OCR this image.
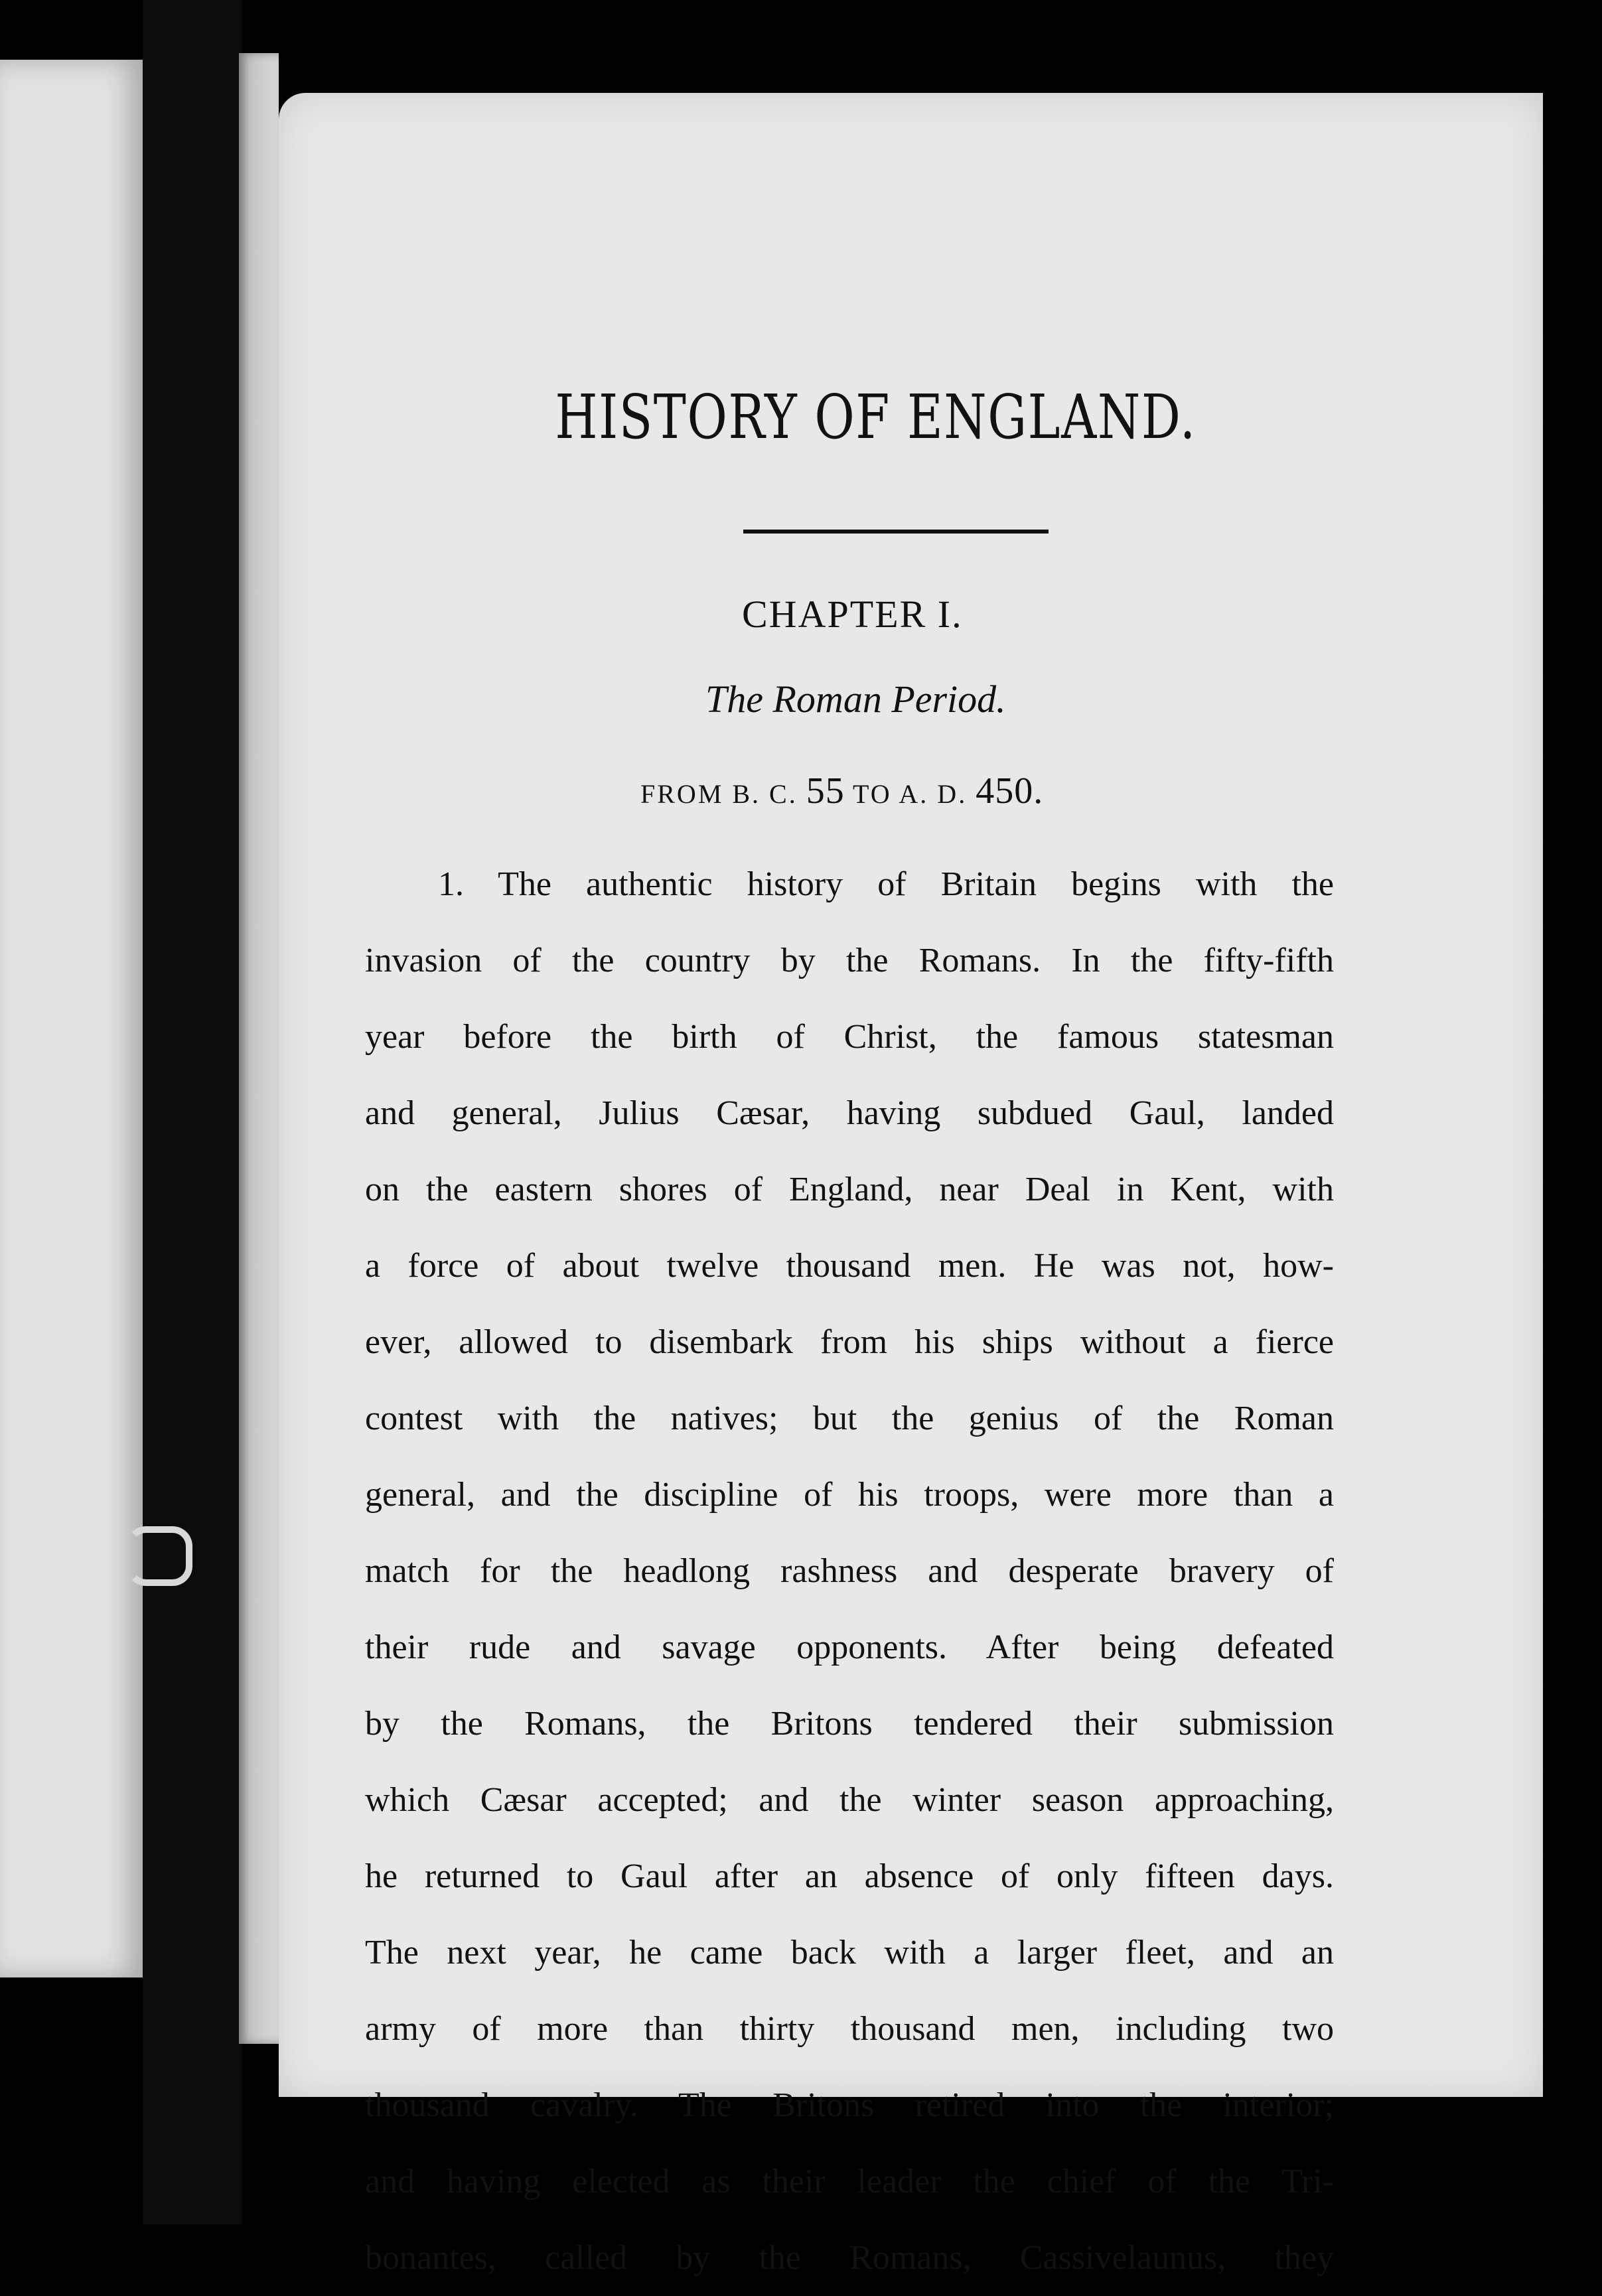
HISTORY OF ENGLAND.
CHAPTER I.
The Roman Period.
FROM B. C. 55 TO A. D. 450.
1. The authentic history of Britain begins with the
invasion of the country by the Romans. In the fifty-fifth
year before the birth of Christ, the famous statesman
and general, Julius Cæsar, having subdued Gaul, landed
on the eastern shores of England, near Deal in Kent, with
a force of about twelve thousand men. He was not, how-
ever, allowed to disembark from his ships without a fierce
contest with the natives; but the genius of the Roman
general, and the discipline of his troops, were more than a
match for the headlong rashness and desperate bravery of
their rude and savage opponents. After being defeated
by the Romans, the Britons tendered their submission
which Cæsar accepted; and the winter season approaching,
he returned to Gaul after an absence of only fifteen days.
The next year, he came back with a larger fleet, and an
army of more than thirty thousand men, including two
thousand cavalry. The Britons retired into the interior;
and having elected as their leader the chief of the Tri-
bonantes, called by the Romans, Cassivelaunus, they
